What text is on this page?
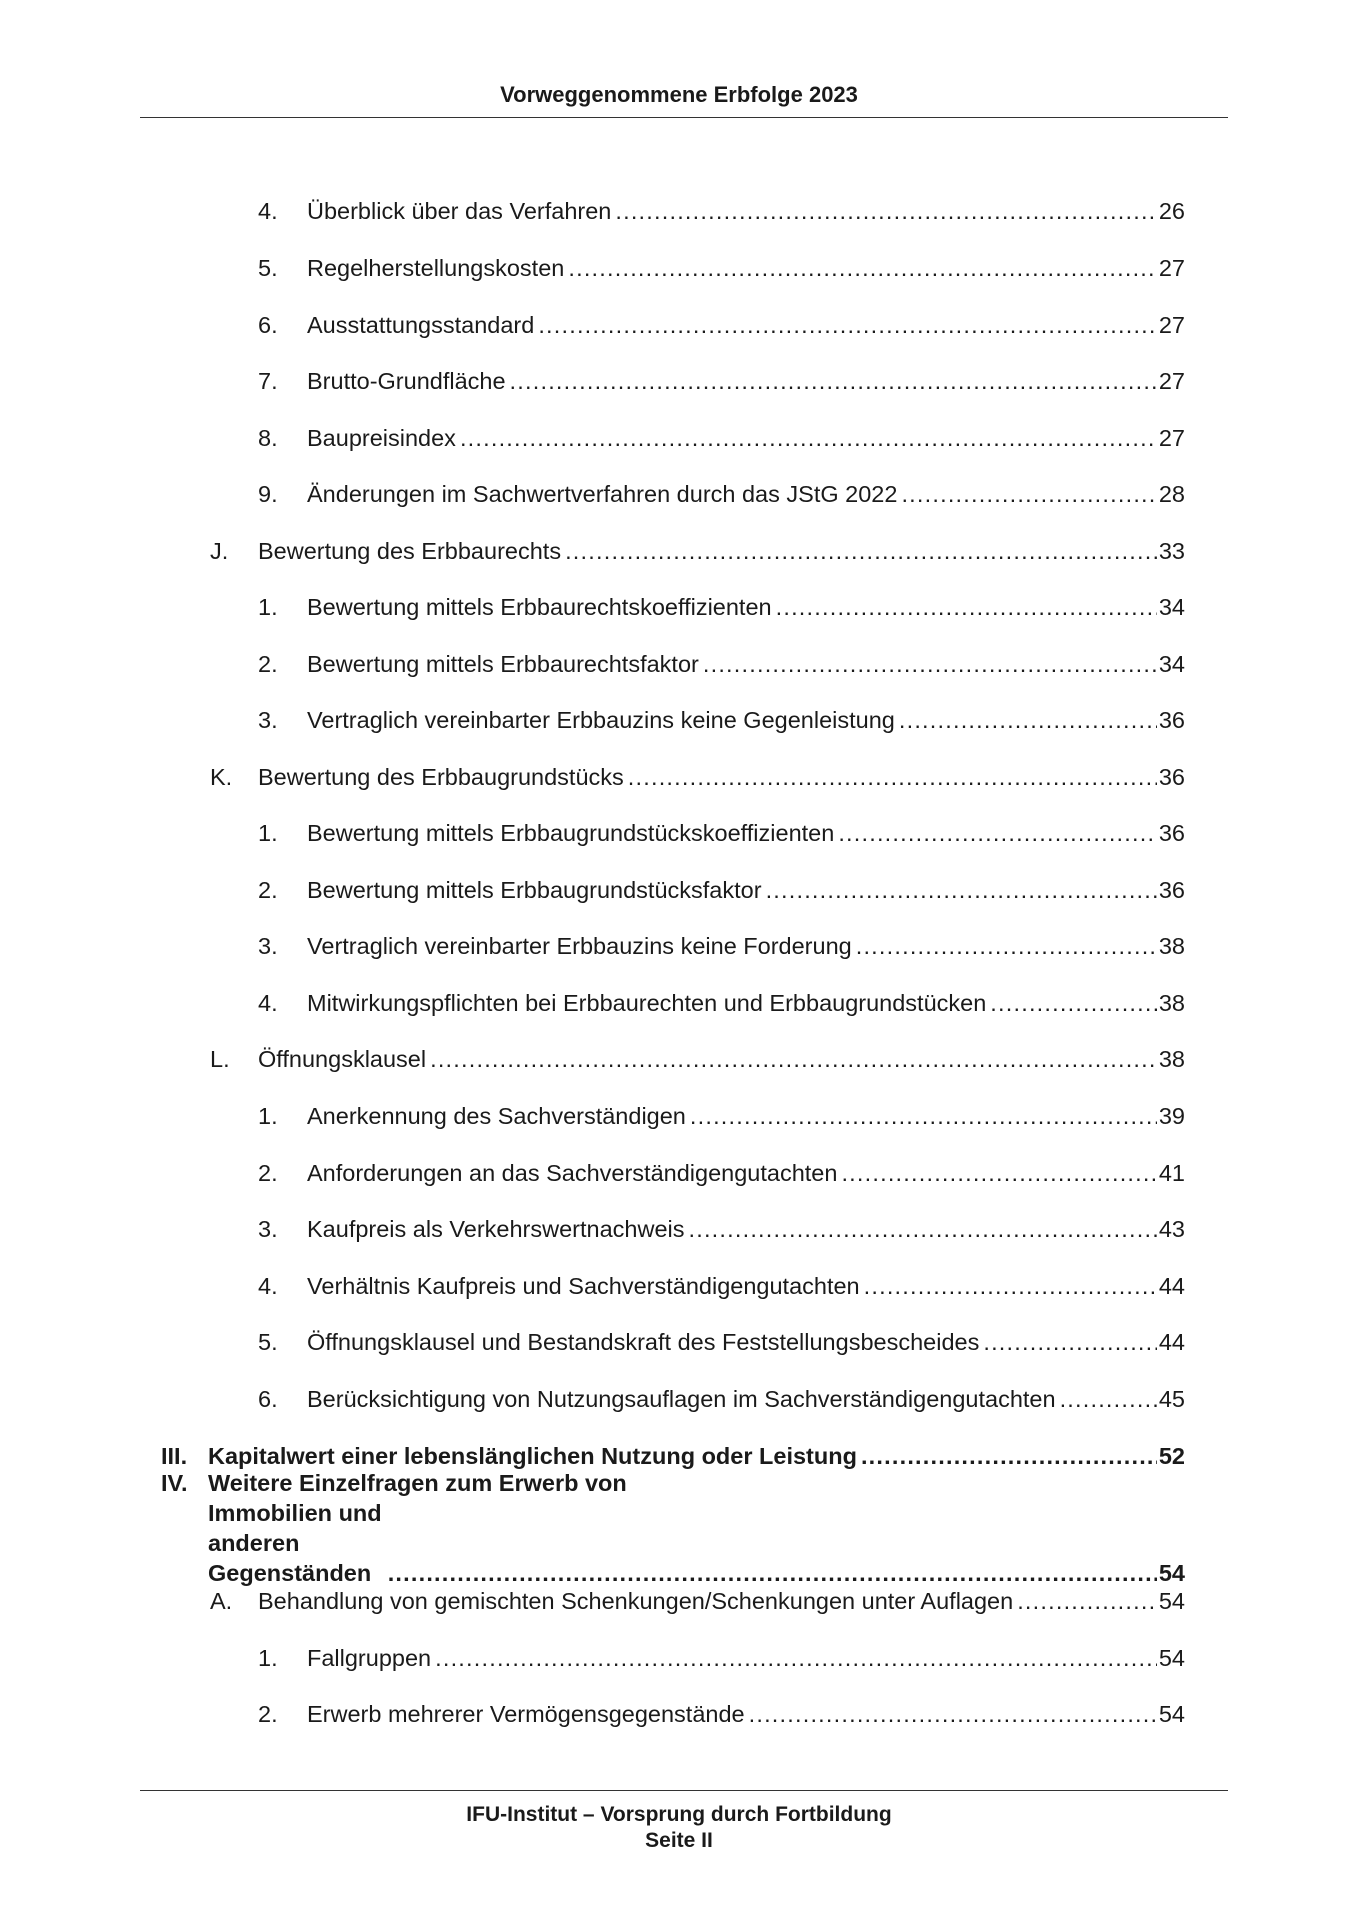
Vorweggenommene Erbfolge 2023
4. Überblick über das Verfahren .....	26
5. Regelherstellungskosten .....	27
6. Ausstattungsstandard .....	27
7. Brutto-Grundfläche .....	27
8. Baupreisindex .....	27
9. Änderungen im Sachwertverfahren durch das JStG 2022 .....	28
J. Bewertung des Erbbaurechts .....	33
1. Bewertung mittels Erbbaurechtskoeffizienten .....	34
2. Bewertung mittels Erbbaurechtsfaktor .....	34
3. Vertraglich vereinbarter Erbbauzins keine Gegenleistung .....	36
K. Bewertung des Erbbaugrundstücks .....	36
1. Bewertung mittels Erbbaugrundstückskoeffizienten .....	36
2. Bewertung mittels Erbbaugrundstücksfaktor .....	36
3. Vertraglich vereinbarter Erbbauzins keine Forderung .....	38
4. Mitwirkungspflichten bei Erbbaurechten und Erbbaugrundstücken .....	38
L. Öffnungsklausel .....	38
1. Anerkennung des Sachverständigen .....	39
2. Anforderungen an das Sachverständigengutachten .....	41
3. Kaufpreis als Verkehrswertnachweis .....	43
4. Verhältnis Kaufpreis und Sachverständigengutachten .....	44
5. Öffnungsklausel und Bestandskraft des Feststellungsbescheides .....	44
6. Berücksichtigung von Nutzungsauflagen im Sachverständigengutachten .....	45
III. Kapitalwert einer lebenslänglichen Nutzung oder Leistung .....	52
IV. Weitere Einzelfragen zum Erwerb von
Immobilien und anderen Gegenständen .....	54
A. Behandlung von gemischten Schenkungen/Schenkungen unter Auflagen .....	54
1. Fallgruppen .....	54
2. Erwerb mehrerer Vermögensgegenstände .....	54
IFU-Institut – Vorsprung durch Fortbildung
Seite II
